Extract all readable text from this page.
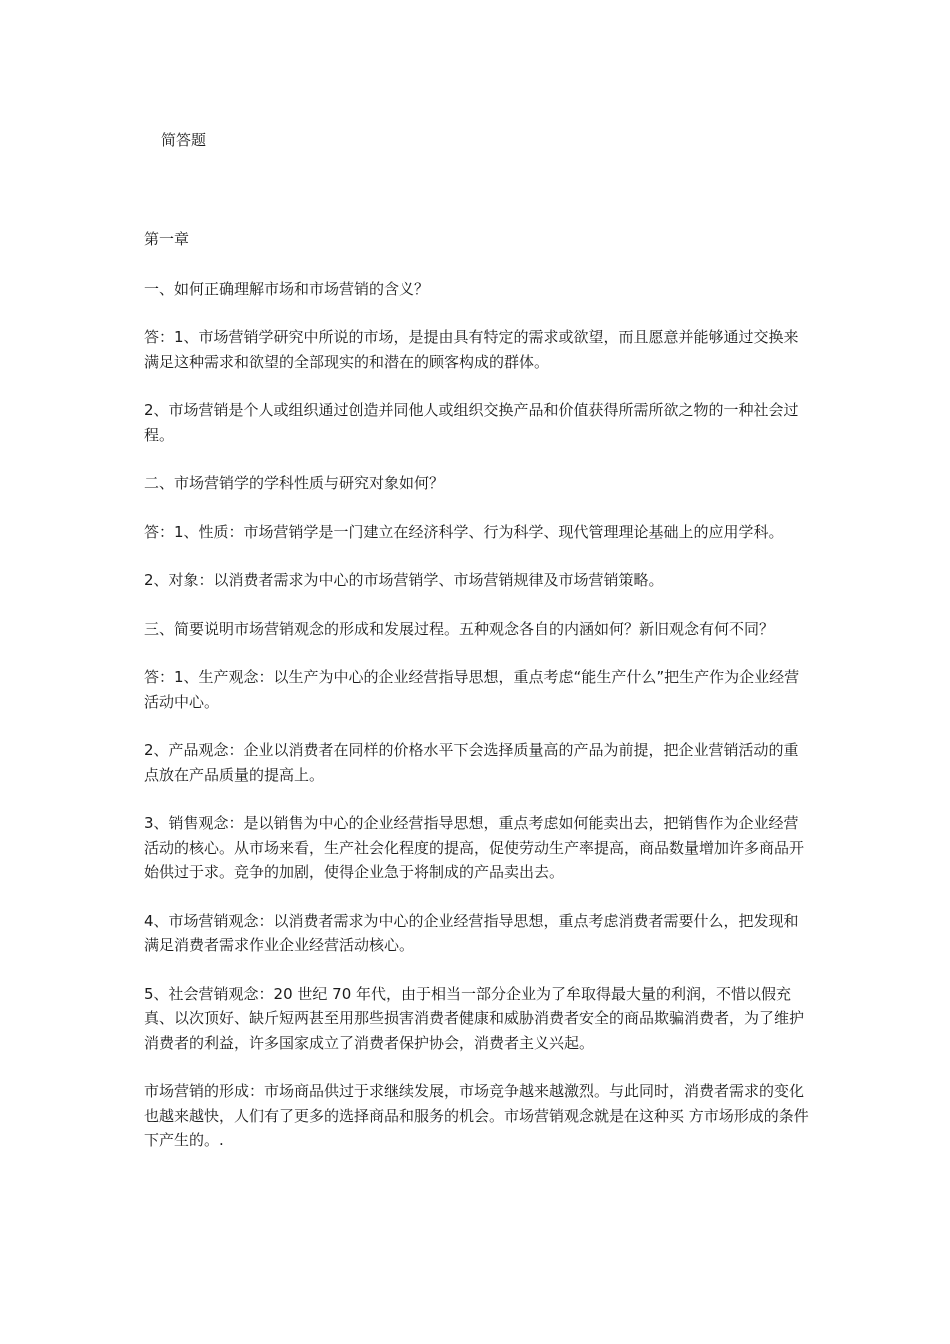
简答题

第一章

一、如何正确理解市场和市场营销的含义？

答：1、市场营销学研究中所说的市场，是提由具有特定的需求或欲望，而且愿意并能够通过交换来满足这种需求和欲望的全部现实的和潜在的顾客构成的群体。

2、市场营销是个人或组织通过创造并同他人或组织交换产品和价值获得所需所欲之物的一种社会过程。

二、市场营销学的学科性质与研究对象如何？

答：1、性质：市场营销学是一门建立在经济科学、行为科学、现代管理理论基础上的应用学科。

2、对象：以消费者需求为中心的市场营销学、市场营销规律及市场营销策略。

三、简要说明市场营销观念的形成和发展过程。五种观念各自的内涵如何？新旧观念有何不同？

答：1、生产观念：以生产为中心的企业经营指导思想，重点考虑“能生产什么”把生产作为企业经营活动中心。

2、产品观念：企业以消费者在同样的价格水平下会选择质量高的产品为前提，把企业营销活动的重点放在产品质量的提高上。

3、销售观念：是以销售为中心的企业经营指导思想，重点考虑如何能卖出去，把销售作为企业经营活动的核心。从市场来看，生产社会化程度的提高，促使劳动生产率提高，商品数量增加许多商品开始供过于求。竞争的加剧，使得企业急于将制成的产品卖出去。

4、市场营销观念：以消费者需求为中心的企业经营指导思想，重点考虑消费者需要什么，把发现和满足消费者需求作业企业经营活动核心。

5、社会营销观念：20 世纪 70 年代，由于相当一部分企业为了牟取得最大量的利润，不惜以假充真、以次顶好、缺斤短两甚至用那些损害消费者健康和威胁消费者安全的商品欺骗消费者，为了维护消费者的利益，许多国家成立了消费者保护协会，消费者主义兴起。

市场营销的形成：市场商品供过于求继续发展，市场竞争越来越激烈。与此同时，消费者需求的变化也越来越快，人们有了更多的选择商品和服务的机会。市场营销观念就是在这种买 方市场形成的条件下产生的。.
